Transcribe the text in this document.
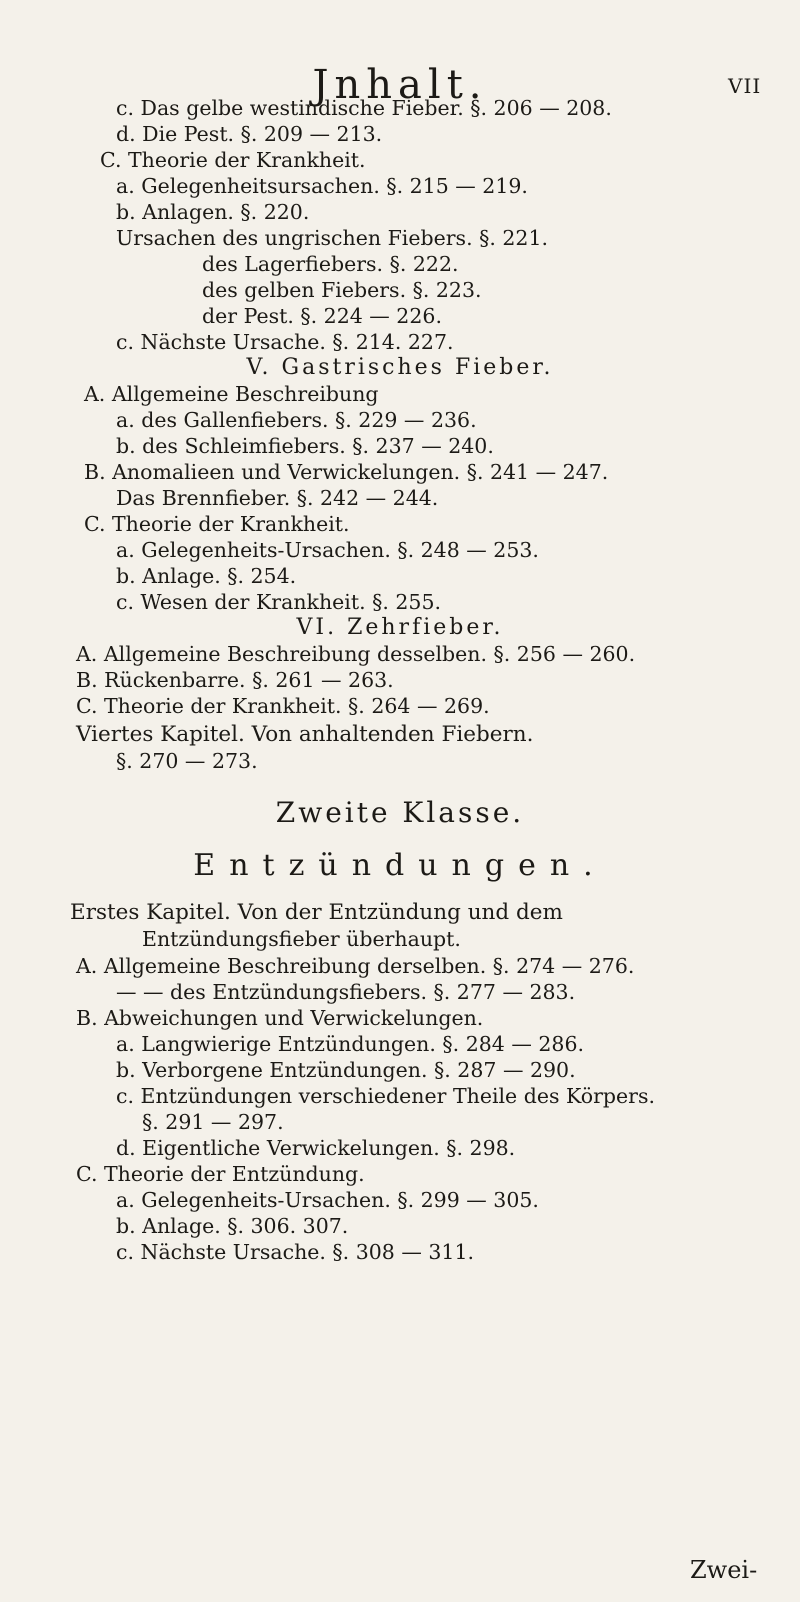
Jnhalt.	VII
c. Das gelbe westindische Fieber. §. 206 — 208.
d. Die Pest. §. 209 — 213.
C. Theorie der Krankheit.
a. Gelegenheitsursachen. §. 215 — 219.
b. Anlagen. §. 220.
Ursachen des ungrischen Fiebers. §. 221.
des Lagerfiebers. §. 222.
des gelben Fiebers. §. 223.
der Pest. §. 224 — 226.
c. Nächste Ursache. §. 214. 227.
V. Gastrisches Fieber.
A. Allgemeine Beschreibung
a. des Gallenfiebers. §. 229 — 236.
b. des Schleimfiebers. §. 237 — 240.
B. Anomalieen und Verwickelungen. §. 241 — 247.
Das Brennfieber. §. 242 — 244.
C. Theorie der Krankheit.
a. Gelegenheits-Ursachen. §. 248 — 253.
b. Anlage. §. 254.
c. Wesen der Krankheit. §. 255.
VI. Zehrfieber.
A. Allgemeine Beschreibung desselben. §. 256 — 260.
B. Rückenbarre. §. 261 — 263.
C. Theorie der Krankheit. §. 264 — 269.
Viertes Kapitel. Von anhaltenden Fiebern.
§. 270 — 273.
Zweite Klasse.
Entzündungen.
Erstes Kapitel. Von der Entzündung und dem
Entzündungsfieber überhaupt.
A. Allgemeine Beschreibung derselben. §. 274 — 276.
— — des Entzündungsfiebers. §. 277 — 283.
B. Abweichungen und Verwickelungen.
a. Langwierige Entzündungen. §. 284 — 286.
b. Verborgene Entzündungen. §. 287 — 290.
c. Entzündungen verschiedener Theile des Körpers.
§. 291 — 297.
d. Eigentliche Verwickelungen. §. 298.
C. Theorie der Entzündung.
a. Gelegenheits-Ursachen. §. 299 — 305.
b. Anlage. §. 306. 307.
c. Nächste Ursache. §. 308 — 311.
Zwei-
